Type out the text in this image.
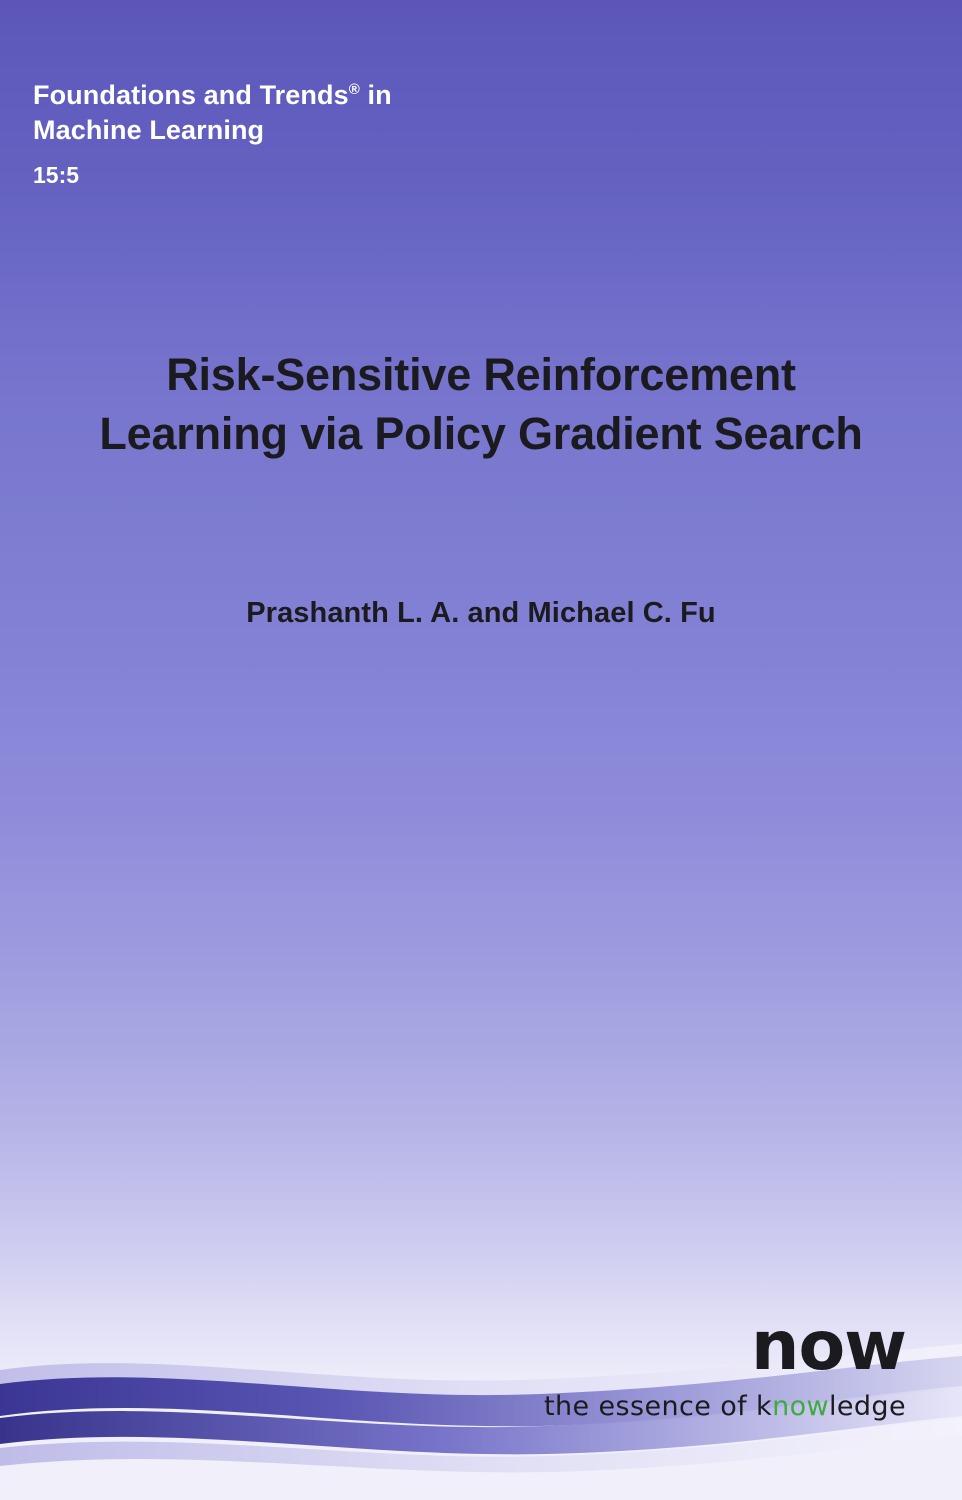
Foundations and Trends® in
Machine Learning
15:5
Risk-Sensitive Reinforcement Learning via Policy Gradient Search
Prashanth L. A. and Michael C. Fu
now
the essence of knowledge
